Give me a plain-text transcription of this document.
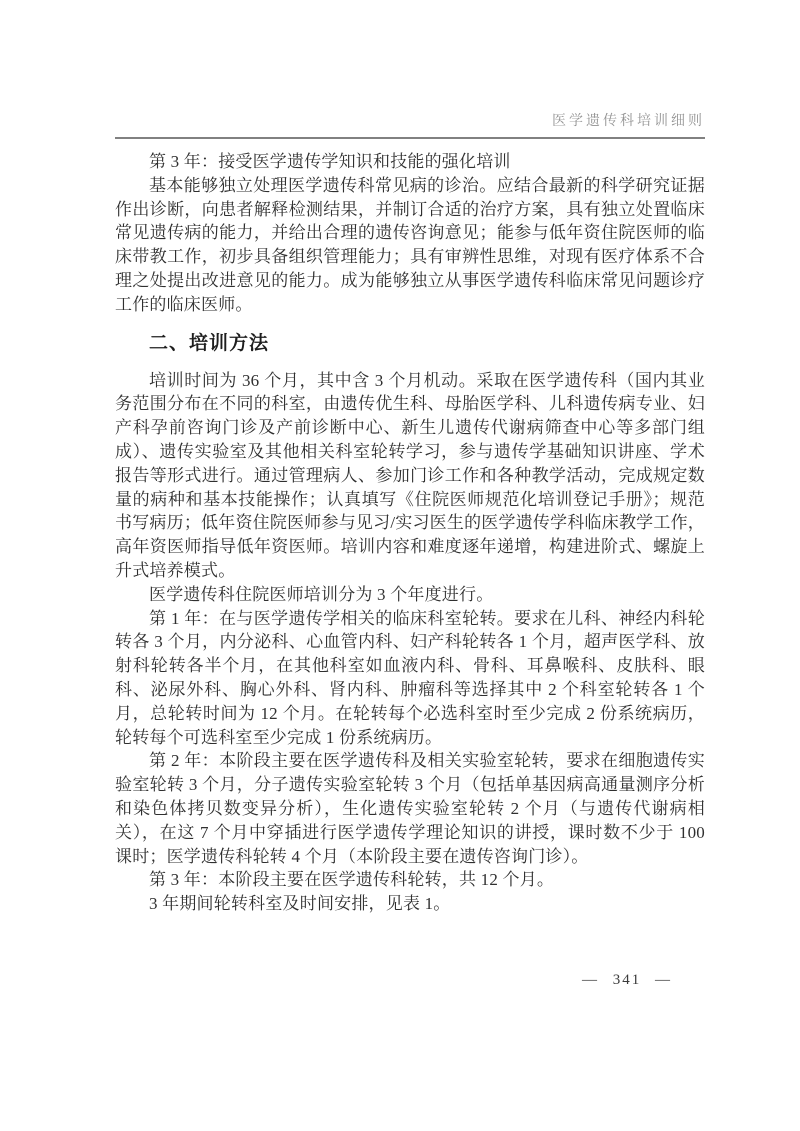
医学遗传科培训细则

第 3 年：接受医学遗传学知识和技能的强化培训

基本能够独立处理医学遗传科常见病的诊治。应结合最新的科学研究证据作出诊断，向患者解释检测结果，并制订合适的治疗方案，具有独立处置临床常见遗传病的能力，并给出合理的遗传咨询意见；能参与低年资住院医师的临床带教工作，初步具备组织管理能力；具有审辨性思维，对现有医疗体系不合理之处提出改进意见的能力。成为能够独立从事医学遗传科临床常见问题诊疗工作的临床医师。

二、培训方法

培训时间为 36 个月，其中含 3 个月机动。采取在医学遗传科（国内其业务范围分布在不同的科室，由遗传优生科、母胎医学科、儿科遗传病专业、妇产科孕前咨询门诊及产前诊断中心、新生儿遗传代谢病筛查中心等多部门组成）、遗传实验室及其他相关科室轮转学习，参与遗传学基础知识讲座、学术报告等形式进行。通过管理病人、参加门诊工作和各种教学活动，完成规定数量的病种和基本技能操作；认真填写《住院医师规范化培训登记手册》；规范书写病历；低年资住院医师参与见习/实习医生的医学遗传学科临床教学工作，高年资医师指导低年资医师。培训内容和难度逐年递增，构建进阶式、螺旋上升式培养模式。

医学遗传科住院医师培训分为 3 个年度进行。

第 1 年：在与医学遗传学相关的临床科室轮转。要求在儿科、神经内科轮转各 3 个月，内分泌科、心血管内科、妇产科轮转各 1 个月，超声医学科、放射科轮转各半个月，在其他科室如血液内科、骨科、耳鼻喉科、皮肤科、眼科、泌尿外科、胸心外科、肾内科、肿瘤科等选择其中 2 个科室轮转各 1 个月，总轮转时间为 12 个月。在轮转每个必选科室时至少完成 2 份系统病历，轮转每个可选科室至少完成 1 份系统病历。

第 2 年：本阶段主要在医学遗传科及相关实验室轮转，要求在细胞遗传实验室轮转 3 个月，分子遗传实验室轮转 3 个月（包括单基因病高通量测序分析和染色体拷贝数变异分析），生化遗传实验室轮转 2 个月（与遗传代谢病相关），在这 7 个月中穿插进行医学遗传学理论知识的讲授，课时数不少于 100 课时；医学遗传科轮转 4 个月（本阶段主要在遗传咨询门诊）。

第 3 年：本阶段主要在医学遗传科轮转，共 12 个月。

3 年期间轮转科室及时间安排，见表 1。

— 341 —
